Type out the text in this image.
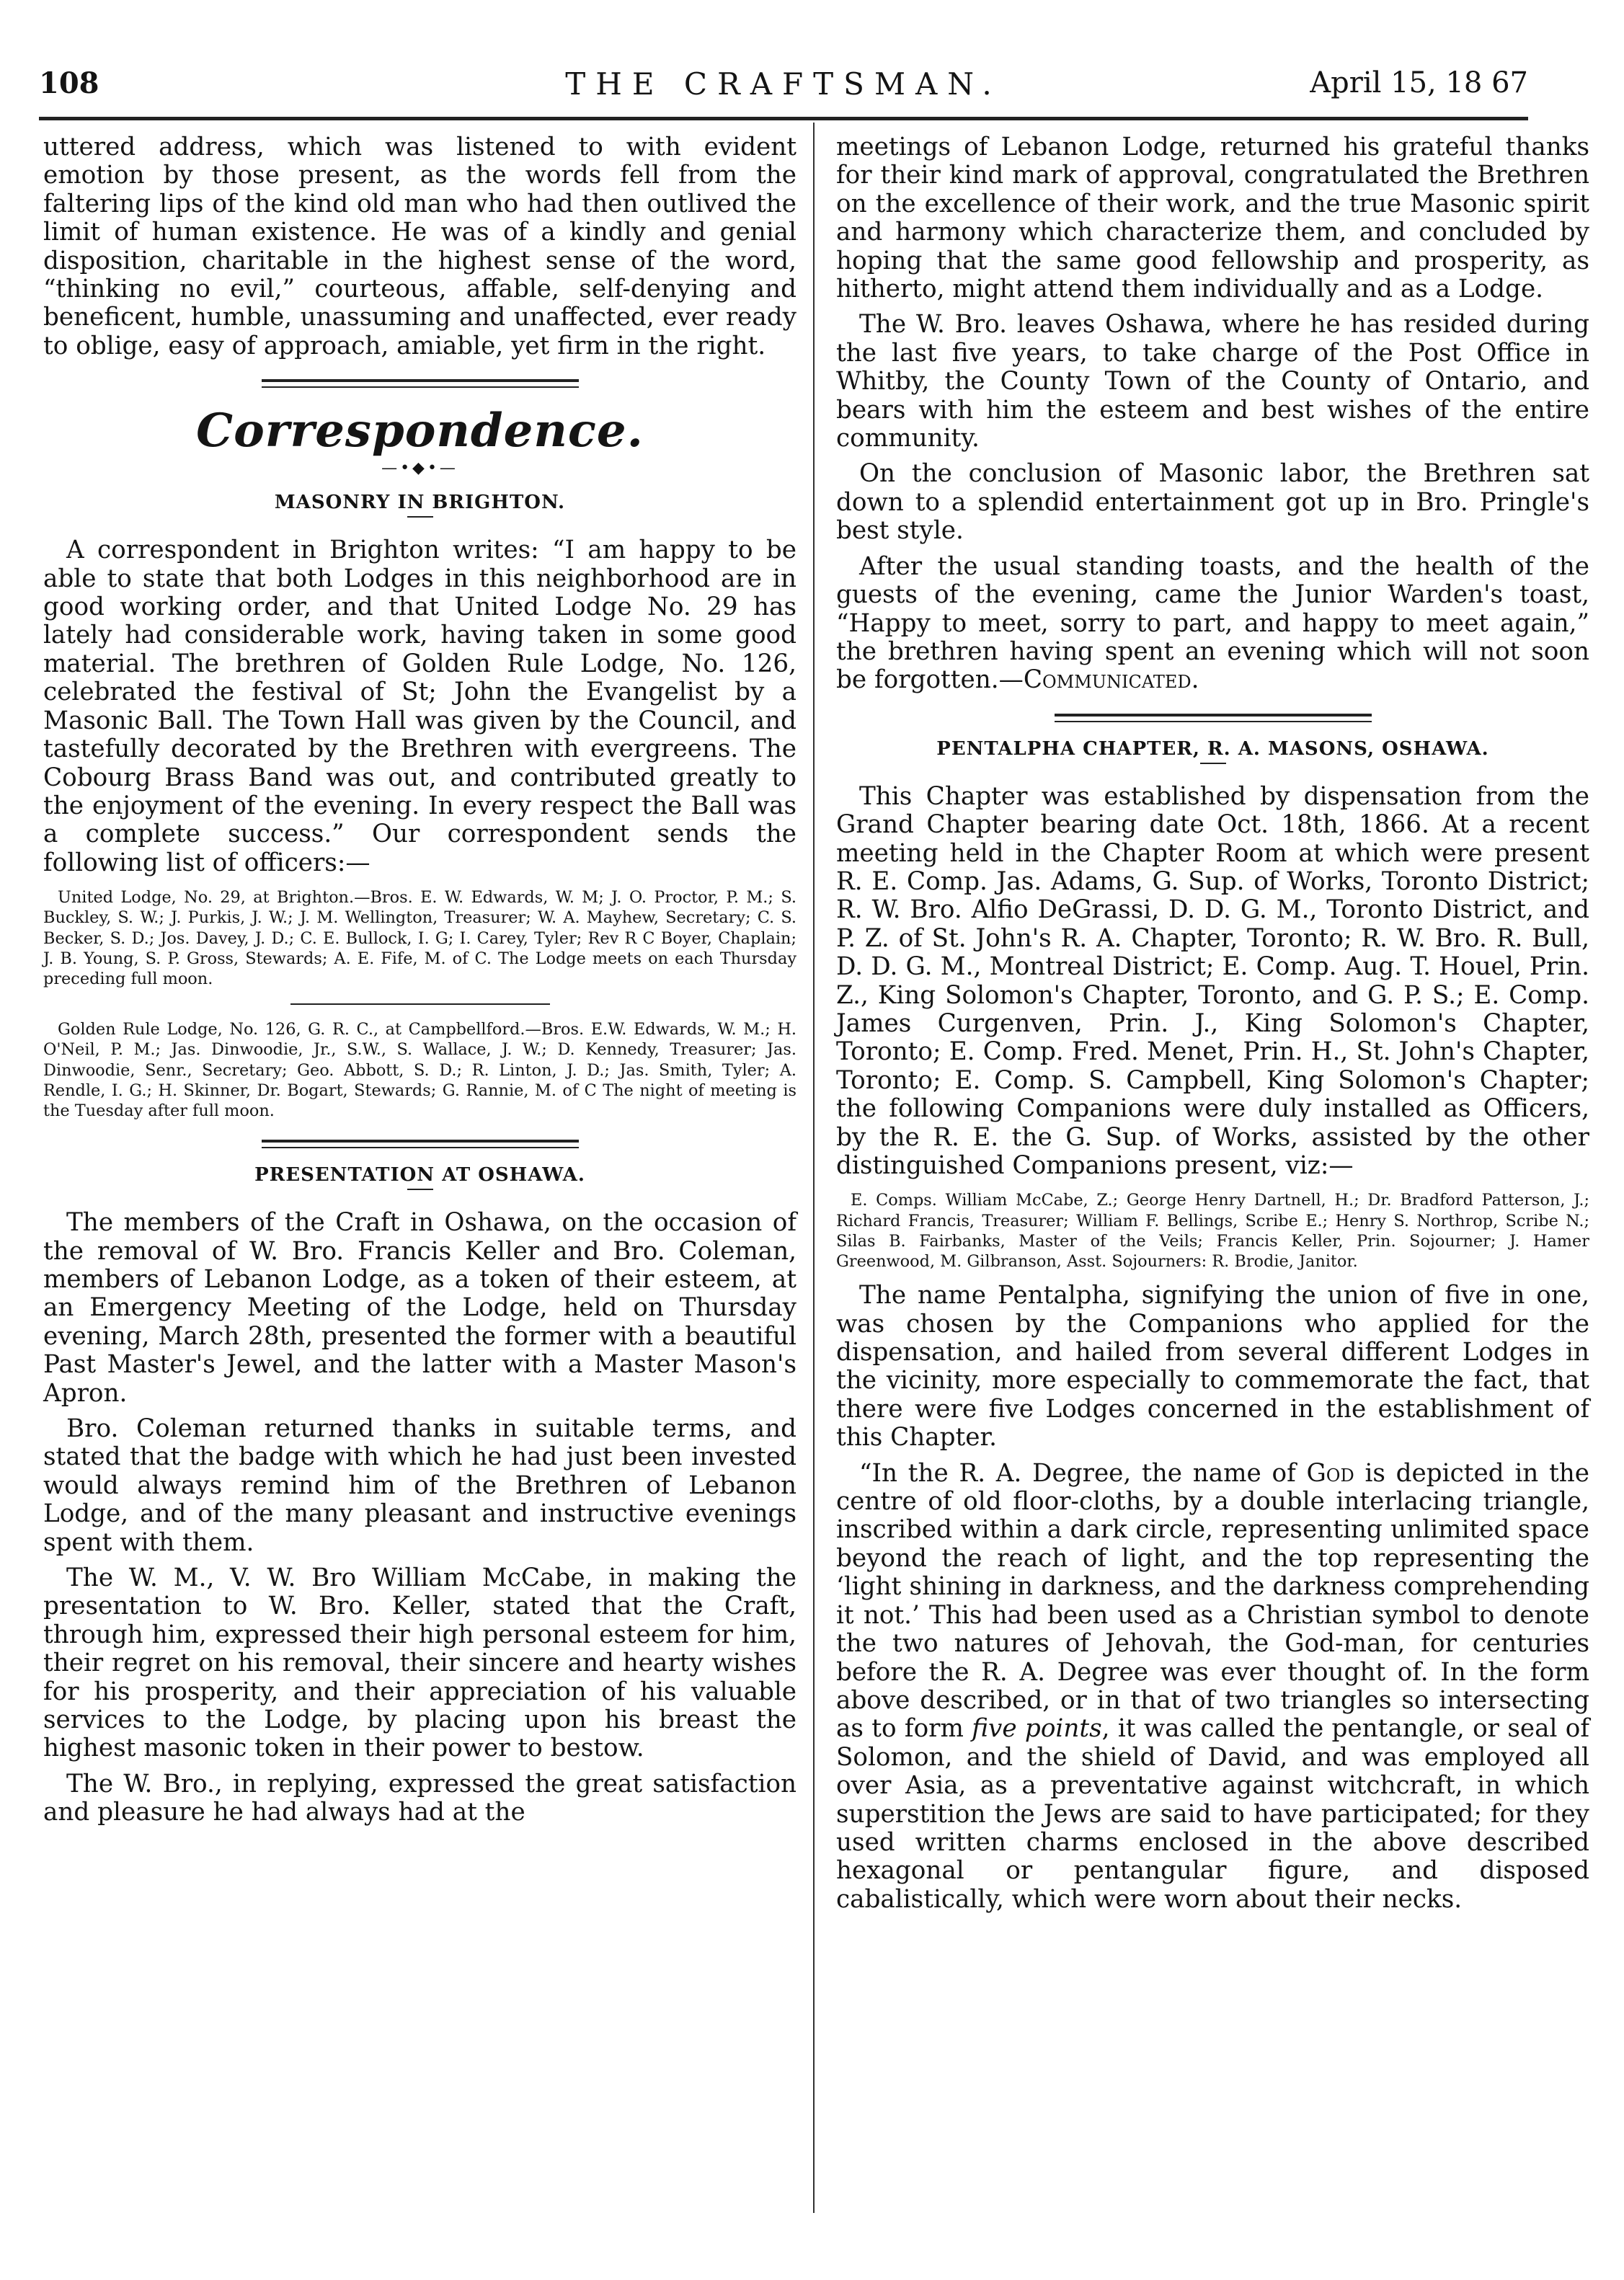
108	THE CRAFTSMAN.	April 15, 18 67

uttered address, which was listened to with evident emotion by those present, as the words fell from the faltering lips of the kind old man who had then outlived the limit of human existence. He was of a kindly and genial disposition, charitable in the highest sense of the word, “thinking no evil,” courteous, affable, self-denying and beneficent, humble, unassuming and unaffected, ever ready to oblige, easy of approach, amiable, yet firm in the right.

Correspondence.
—•◆•—
MASONRY IN BRIGHTON.

A correspondent in Brighton writes: “I am happy to be able to state that both Lodges in this neighborhood are in good working order, and that United Lodge No. 29 has lately had considerable work, having taken in some good material. The brethren of Golden Rule Lodge, No. 126, celebrated the festival of St; John the Evangelist by a Masonic Ball. The Town Hall was given by the Council, and tastefully decorated by the Brethren with evergreens. The Cobourg Brass Band was out, and contributed greatly to the enjoyment of the evening. In every respect the Ball was a complete success.” Our correspondent sends the following list of officers:—

United Lodge, No. 29, at Brighton.—Bros. E. W. Edwards, W. M; J. O. Proctor, P. M.; S. Buckley, S. W.; J. Purkis, J. W.; J. M. Wellington, Treasurer; W. A. Mayhew, Secretary; C. S. Becker, S. D.; Jos. Davey, J. D.; C. E. Bullock, I. G; I. Carey, Tyler; Rev R C Boyer, Chaplain; J. B. Young, S. P. Gross, Stewards; A. E. Fife, M. of C. The Lodge meets on each Thursday preceding full moon.

Golden Rule Lodge, No. 126, G. R. C., at Campbellford.—Bros. E.W. Edwards, W. M.; H. O'Neil, P. M.; Jas. Dinwoodie, Jr., S.W., S. Wallace, J. W.; D. Kennedy, Treasurer; Jas. Dinwoodie, Senr., Secretary; Geo. Abbott, S. D.; R. Linton, J. D.; Jas. Smith, Tyler; A. Rendle, I. G.; H. Skinner, Dr. Bogart, Stewards; G. Rannie, M. of C The night of meeting is the Tuesday after full moon.

PRESENTATION AT OSHAWA.

The members of the Craft in Oshawa, on the occasion of the removal of W. Bro. Francis Keller and Bro. Coleman, members of Lebanon Lodge, as a token of their esteem, at an Emergency Meeting of the Lodge, held on Thursday evening, March 28th, presented the former with a beautiful Past Master's Jewel, and the latter with a Master Mason's Apron.

Bro. Coleman returned thanks in suitable terms, and stated that the badge with which he had just been invested would always remind him of the Brethren of Lebanon Lodge, and of the many pleasant and instructive evenings spent with them.

The W. M., V. W. Bro William McCabe, in making the presentation to W. Bro. Keller, stated that the Craft, through him, expressed their high personal esteem for him, their regret on his removal, their sincere and hearty wishes for his prosperity, and their appreciation of his valuable services to the Lodge, by placing upon his breast the highest masonic token in their power to bestow.

The W. Bro., in replying, expressed the great satisfaction and pleasure he had always had at the

meetings of Lebanon Lodge, returned his grateful thanks for their kind mark of approval, congratulated the Brethren on the excellence of their work, and the true Masonic spirit and harmony which characterize them, and concluded by hoping that the same good fellowship and prosperity, as hitherto, might attend them individually and as a Lodge.

The W. Bro. leaves Oshawa, where he has resided during the last five years, to take charge of the Post Office in Whitby, the County Town of the County of Ontario, and bears with him the esteem and best wishes of the entire community.

On the conclusion of Masonic labor, the Brethren sat down to a splendid entertainment got up in Bro. Pringle's best style.

After the usual standing toasts, and the health of the guests of the evening, came the Junior Warden's toast, “Happy to meet, sorry to part, and happy to meet again,” the brethren having spent an evening which will not soon be forgotten.—Communicated.

PENTALPHA CHAPTER, R. A. MASONS, OSHAWA.

This Chapter was established by dispensation from the Grand Chapter bearing date Oct. 18th, 1866. At a recent meeting held in the Chapter Room at which were present R. E. Comp. Jas. Adams, G. Sup. of Works, Toronto District; R. W. Bro. Alfio DeGrassi, D. D. G. M., Toronto District, and P. Z. of St. John's R. A. Chapter, Toronto; R. W. Bro. R. Bull, D. D. G. M., Montreal District; E. Comp. Aug. T. Houel, Prin. Z., King Solomon's Chapter, Toronto, and G. P. S.; E. Comp. James Curgenven, Prin. J., King Solomon's Chapter, Toronto; E. Comp. Fred. Menet, Prin. H., St. John's Chapter, Toronto; E. Comp. S. Campbell, King Solomon's Chapter; the following Companions were duly installed as Officers, by the R. E. the G. Sup. of Works, assisted by the other distinguished Companions present, viz:—

E. Comps. William McCabe, Z.; George Henry Dartnell, H.; Dr. Bradford Patterson, J.; Richard Francis, Treasurer; William F. Bellings, Scribe E.; Henry S. Northrop, Scribe N.; Silas B. Fairbanks, Master of the Veils; Francis Keller, Prin. Sojourner; J. Hamer Greenwood, M. Gilbranson, Asst. Sojourners: R. Brodie, Janitor.

The name Pentalpha, signifying the union of five in one, was chosen by the Companions who applied for the dispensation, and hailed from several different Lodges in the vicinity, more especially to commemorate the fact, that there were five Lodges concerned in the establishment of this Chapter.

“In the R. A. Degree, the name of God is depicted in the centre of old floor-cloths, by a double interlacing triangle, inscribed within a dark circle, representing unlimited space beyond the reach of light, and the top representing the ‘light shining in darkness, and the darkness comprehending it not.’ This had been used as a Christian symbol to denote the two natures of Jehovah, the God-man, for centuries before the R. A. Degree was ever thought of. In the form above described, or in that of two triangles so intersecting as to form five points, it was called the pentangle, or seal of Solomon, and the shield of David, and was employed all over Asia, as a preventative against witchcraft, in which superstition the Jews are said to have participated; for they used written charms enclosed in the above described hexagonal or pentangular figure, and disposed cabalistically, which were worn about their necks.
